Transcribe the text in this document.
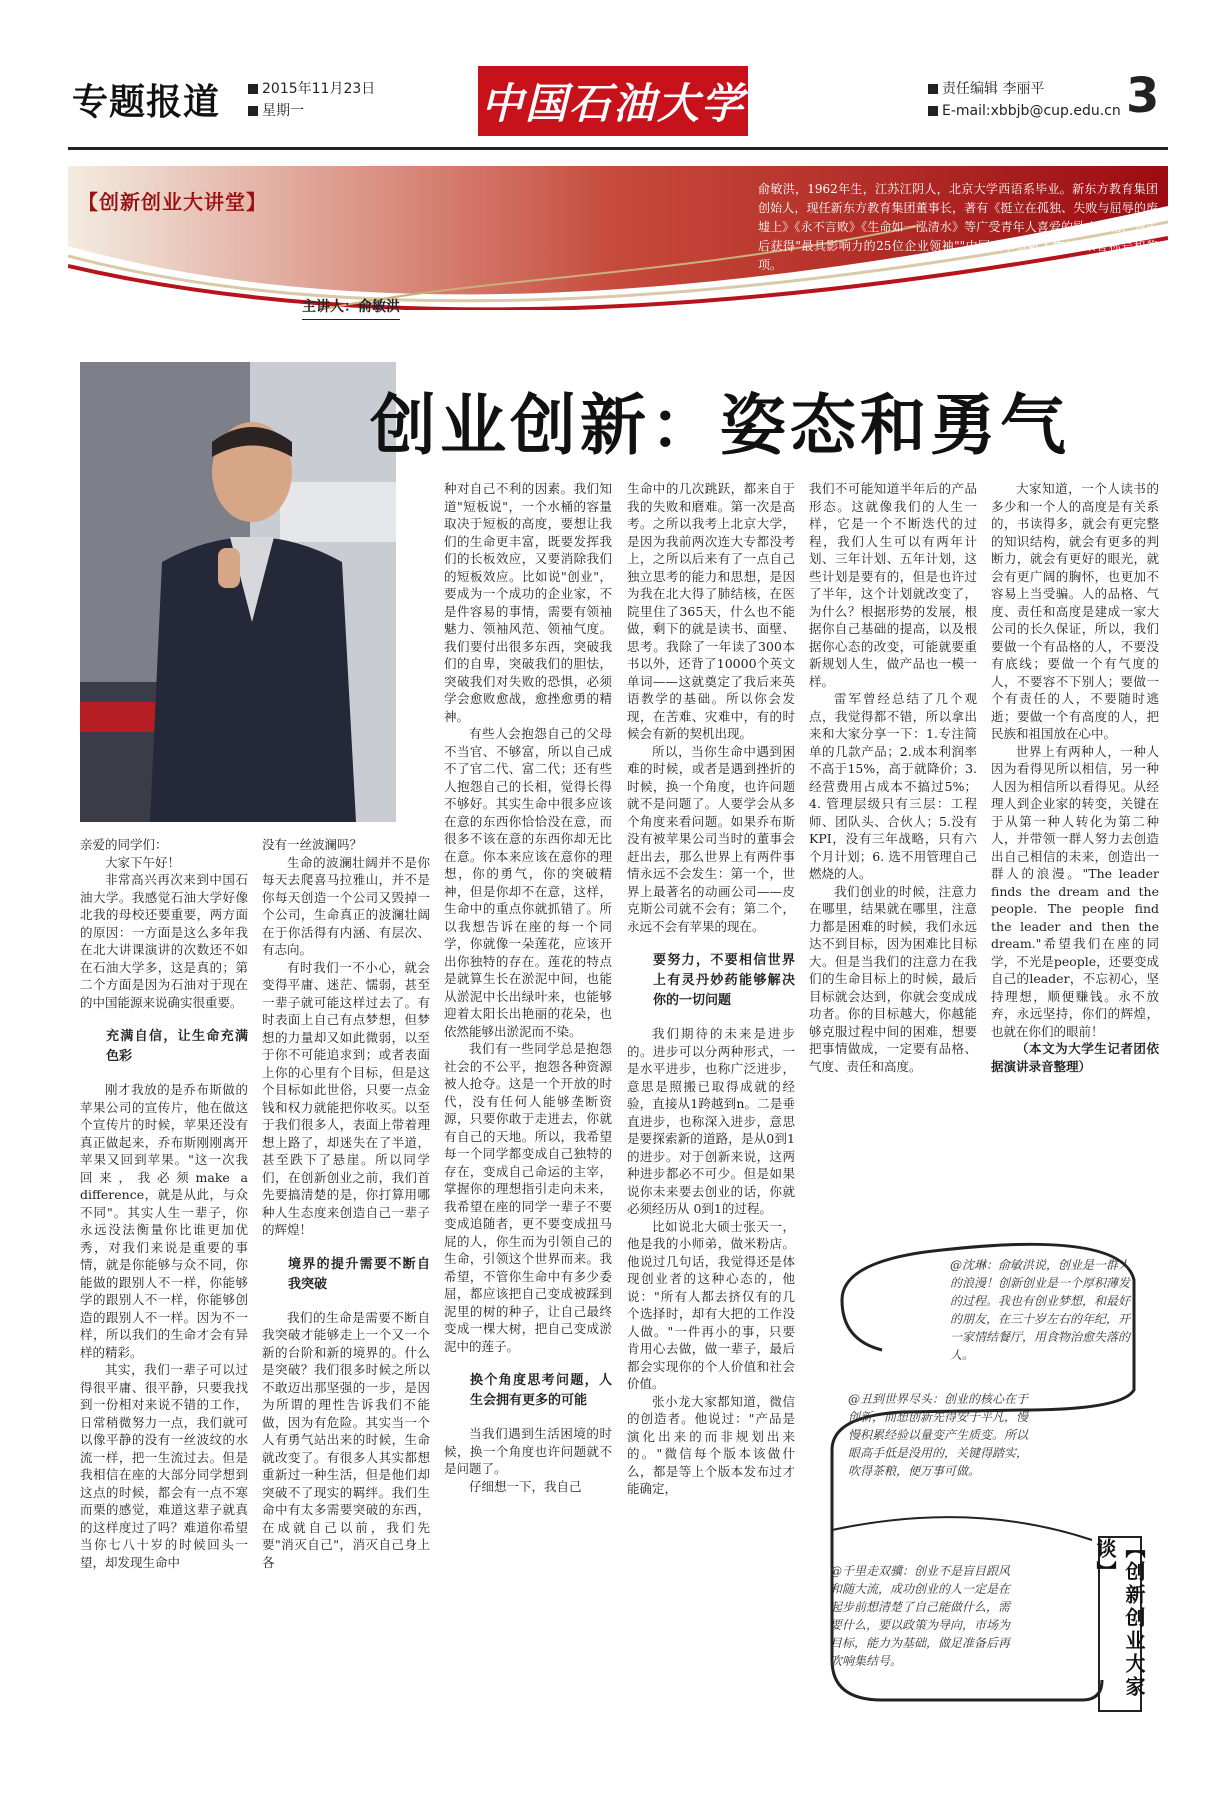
专题报道	2015年11月23日
星期一	中国石油大学	责任编辑 李丽平
E-mail:xbbjb@cup.edu.cn 3
【创新创业大讲堂】
俞敏洪，1962年生，江苏江阴人，北京大学西语系毕业。新东方教育集团创始人，现任新东方教育集团董事长，著有《挺立在孤独、失败与屈辱的废墟上》《永不言败》《生命如一泓清水》等广受青年人喜爱的励志书籍，曾先后获得"最具影响力的25位企业领袖""中国改革贡献人物"等荣誉称号和奖项。
主讲人：俞敏洪
创业创新：姿态和勇气

亲爱的同学们：

大家下午好！

非常高兴再次来到中国石油大学。我感觉石油大学好像北我的母校还要重要，两方面的原因：一方面是这么多年我在北大讲课演讲的次数还不如在石油大学多，这是真的；第二个方面是因为石油对于现在的中国能源来说确实很重要。

充满自信，让生命充满色彩

刚才我放的是乔布斯做的苹果公司的宣传片，他在做这个宣传片的时候，苹果还没有真正做起来，乔布斯刚刚离开苹果又回到苹果。"这一次我回来，我必须make a difference，就是从此，与众不同"。其实人生一辈子，你永远没法衡量你比谁更加优秀，对我们来说是重要的事情，就是你能够与众不同，你能做的跟别人不一样，你能够学的跟别人不一样，你能够创造的跟别人不一样。因为不一样，所以我们的生命才会有异样的精彩。

其实，我们一辈子可以过得很平庸、很平静，只要我找到一份相对来说不错的工作，日常稍微努力一点，我们就可以像平静的没有一丝波纹的水流一样，把一生流过去。但是我相信在座的大部分同学想到这点的时候，都会有一点不寒而栗的感觉，难道这辈子就真的这样度过了吗？难道你希望当你七八十岁的时候回头一望，却发现生命中

没有一丝波澜吗？

生命的波澜壮阔并不是你每天去爬喜马拉雅山，并不是你每天创造一个公司又毁掉一个公司，生命真正的波澜壮阔在于你活得有内涵、有层次、有志向。

有时我们一不小心，就会变得平庸、迷茫、懦弱，甚至一辈子就可能这样过去了。有时表面上自己有点梦想，但梦想的力量却又如此微弱，以至于你不可能追求到；或者表面上你的心里有个目标，但是这个目标如此世俗，只要一点金钱和权力就能把你收买。以至于我们很多人，表面上带着理想上路了，却迷失在了半道，甚至跌下了悬崖。所以同学们，在创新创业之前，我们首先要搞清楚的是，你打算用哪种人生态度来创造自己一辈子的辉煌！

境界的提升需要不断自我突破

我们的生命是需要不断自我突破才能够走上一个又一个新的台阶和新的境界的。什么是突破？我们很多时候之所以不敢迈出那坚强的一步，是因为所谓的理性告诉我们不能做，因为有危险。其实当一个人有勇气站出来的时候，生命就改变了。有很多人其实都想重新过一种生活，但是他们却突破不了现实的羁绊。我们生命中有太多需要突破的东西，在成就自己以前，我们先要"消灭自己"，消灭自己身上各

种对自己不利的因素。我们知道"短板说"，一个水桶的容量取决于短板的高度，要想让我们的生命更丰富，既要发挥我们的长板效应，又要消除我们的短板效应。比如说"创业"，要成为一个成功的企业家，不是件容易的事情，需要有领袖魅力、领袖风范、领袖气度。我们要付出很多东西，突破我们的自卑，突破我们的胆怯，突破我们对失败的恐惧，必须学会愈败愈战，愈挫愈勇的精神。

有些人会抱怨自己的父母不当官、不够富，所以自己成不了官二代、富二代；还有些人抱怨自己的长相，觉得长得不够好。其实生命中很多应该在意的东西你恰恰没在意，而很多不该在意的东西你却无比在意。你本来应该在意你的理想，你的勇气，你的突破精神，但是你却不在意，这样，生命中的重点你就抓错了。所以我想告诉在座的每一个同学，你就像一朵莲花，应该开出你独特的存在。莲花的特点是就算生长在淤泥中间，也能从淤泥中长出绿叶来，也能够迎着太阳长出艳丽的花朵，也依然能够出淤泥而不染。

我们有一些同学总是抱怨社会的不公平，抱怨各种资源被人抢夺。这是一个开放的时代，没有任何人能够垄断资源，只要你敢于走进去，你就有自己的天地。所以，我希望每一个同学都变成自己独特的存在，变成自己命运的主宰，掌握你的理想指引走向未来，我希望在座的同学一辈子不要变成追随者，更不要变成扭马屁的人，你生而为引领自己的生命，引领这个世界而来。我希望，不管你生命中有多少委屈，都应该把自己变成被踩到泥里的树的种子，让自己最终变成一棵大树，把自己变成淤泥中的莲子。

换个角度思考问题，人生会拥有更多的可能

当我们遇到生活困境的时候，换一个角度也许问题就不是问题了。

仔细想一下，我自己

生命中的几次跳跃，都来自于我的失败和磨难。第一次是高考。之所以我考上北京大学，是因为我前两次连大专都没考上，之所以后来有了一点自己独立思考的能力和思想，是因为我在北大得了肺结核，在医院里住了365天，什么也不能做，剩下的就是读书、面壁、思考。我除了一年读了300本书以外，还背了10000个英文单词——这就奠定了我后来英语教学的基础。所以你会发现，在苦难、灾难中，有的时候会有新的契机出现。

所以，当你生命中遇到困难的时候，或者是遇到挫折的时候，换一个角度，也许问题就不是问题了。人要学会从多个角度来看问题。如果乔布斯没有被苹果公司当时的董事会赶出去，那么世界上有两件事情永远不会发生：第一个，世界上最著名的动画公司——皮克斯公司就不会有；第二个，永远不会有苹果的现在。

要努力，不要相信世界上有灵丹妙药能够解决你的一切问题

我们期待的未来是进步的。进步可以分两种形式，一是水平进步，也称广泛进步，意思是照搬已取得成就的经验，直接从1跨越到n。二是垂直进步，也称深入进步，意思是要探索新的道路，是从0到1的进步。对于创新来说，这两种进步都必不可少。但是如果说你未来要去创业的话，你就必须经历从 0到1的过程。

比如说北大硕士张天一，他是我的小师弟，做米粉店。他说过几句话，我觉得还是体现创业者的这种心态的，他说："所有人都去挤仅有的几个选择时，却有大把的工作没人做。"一件再小的事，只要肯用心去做，做一辈子，最后都会实现你的个人价值和社会价值。

张小龙大家都知道，微信的创造者。他说过："产品是演化出来的而非规划出来的。"微信每个版本该做什么，都是等上个版本发布过才能确定，

我们不可能知道半年后的产品形态。这就像我们的人生一样，它是一个不断迭代的过程，我们人生可以有两年计划、三年计划、五年计划，这些计划是要有的，但是也许过了半年，这个计划就改变了，为什么？根据形势的发展，根据你自己基础的提高，以及根据你心态的改变，可能就要重新规划人生，做产品也一模一样。

雷军曾经总结了几个观点，我觉得都不错，所以拿出来和大家分享一下：1.专注简单的几款产品；2.成本利润率不高于15%，高于就降价；3.经营费用占成本不搞过5%；4. 管理层级只有三层：工程师、团队头、合伙人；5.没有KPI，没有三年战略，只有六个月计划；6. 选不用管理自己燃烧的人。

我们创业的时候，注意力在哪里，结果就在哪里，注意力都是困难的时候，我们永远达不到目标，因为困难比目标大。但是当我们的注意力在我们的生命目标上的时候，最后目标就会达到，你就会变成成功者。你的目标越大，你越能够克服过程中间的困难，想要把事情做成，一定要有品格、气度、责任和高度。

大家知道，一个人读书的多少和一个人的高度是有关系的，书读得多，就会有更完整的知识结构，就会有更多的判断力，就会有更好的眼光，就会有更广阔的胸怀，也更加不容易上当受骗。人的品格、气度、责任和高度是建成一家大公司的长久保证，所以，我们要做一个有品格的人，不要没有底线；要做一个有气度的人，不要容不下别人；要做一个有责任的人，不要随时逃逝；要做一个有高度的人，把民族和祖国放在心中。

世界上有两种人，一种人因为看得见所以相信，另一种人因为相信所以看得见。从经理人到企业家的转变，关键在于从第一种人转化为第二种人，并带领一群人努力去创造出自己相信的未来，创造出一群人的浪漫。"The leader finds the dream and the people. The people find the leader and then the dream."希望我们在座的同学，不光是people，还要变成自己的leader，不忘初心，坚持理想，顺便赚钱。永不放弃，永远坚持，你们的辉煌，也就在你们的眼前！

（本文为大学生记者团依据演讲录音整理）

@沈琳：俞敏洪说，创业是一群人的浪漫！创新创业是一个厚积薄发的过程。我也有创业梦想，和最好的朋友，在三十岁左右的年纪，开一家情结餐厅，用食物治愈失落的人。
@丑到世界尽头：创业的核心在于创新，而想创新先得安于平凡，慢慢积累经验以量变产生质变。所以眼高手低是没用的，关键得踏实，吹得茶粮，便万事可做。
@千里走双骥：创业不是盲目跟风和随大流，成功创业的人一定是在起步前想清楚了自己能做什么，需要什么，要以政策为导向，市场为目标，能力为基础，做足准备后再吹响集结号。	【创新创业大家谈】
